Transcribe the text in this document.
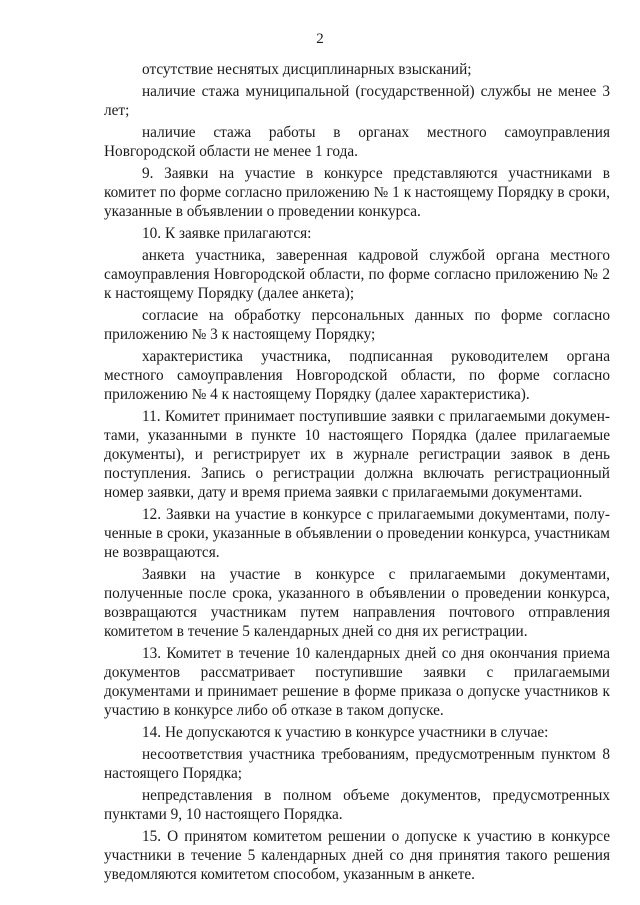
2

отсутствие неснятых дисциплинарных взысканий;

наличие стажа муниципальной (государственной) службы не менее 3 лет;

наличие стажа работы в органах местного самоуправления Новгородской области не менее 1 года.

9. Заявки на участие в конкурсе представляются участниками в комитет по форме согласно приложению № 1 к настоящему Порядку в сроки, указанные в объявлении о проведении конкурса.

10. К заявке прилагаются:

анкета участника, заверенная кадровой службой органа местного самоуправления Новгородской области, по форме согласно приложению № 2 к настоящему Порядку (далее анкета);

согласие на обработку персональных данных по форме согласно приложению № 3 к настоящему Порядку;

характеристика участника, подписанная руководителем органа местного самоуправления Новгородской области, по форме согласно приложению № 4 к настоящему Порядку (далее характеристика).

11. Комитет принимает поступившие заявки с прилагаемыми докумен-тами, указанными в пункте 10 настоящего Порядка (далее прилагаемые документы), и регистрирует их в журнале регистрации заявок в день поступления. Запись о регистрации должна включать регистрационный номер заявки, дату и время приема заявки с прилагаемыми документами.

12. Заявки на участие в конкурсе с прилагаемыми документами, полу-ченные в сроки, указанные в объявлении о проведении конкурса, участникам не возвращаются.

Заявки на участие в конкурсе с прилагаемыми документами, полученные после срока, указанного в объявлении о проведении конкурса, возвращаются участникам путем направления почтового отправления комитетом в течение 5 календарных дней со дня их регистрации.

13. Комитет в течение 10 календарных дней со дня окончания приема документов рассматривает поступившие заявки с прилагаемыми документами и принимает решение в форме приказа о допуске участников к участию в конкурсе либо об отказе в таком допуске.

14. Не допускаются к участию в конкурсе участники в случае:

несоответствия участника требованиям, предусмотренным пунктом 8 настоящего Порядка;

непредставления в полном объеме документов, предусмотренных пунктами 9, 10 настоящего Порядка.

15. О принятом комитетом решении о допуске к участию в конкурсе участники в течение 5 календарных дней со дня принятия такого решения уведомляются комитетом способом, указанным в анкете.
